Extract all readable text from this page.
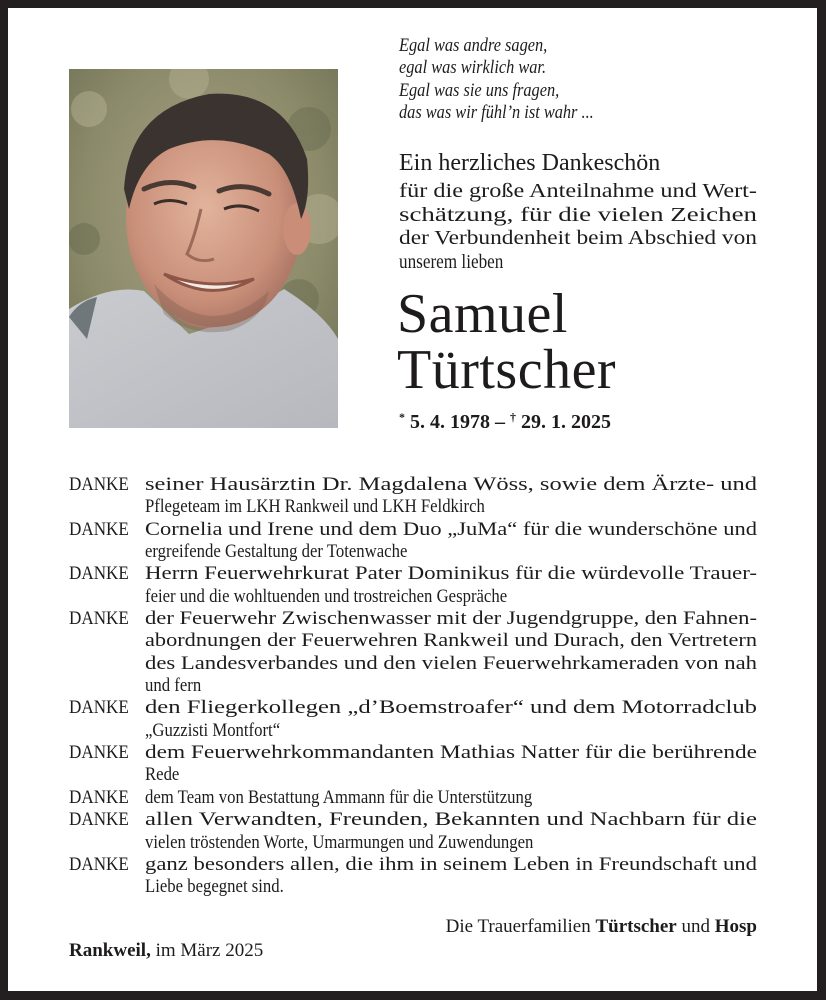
Egal was andre sagen,
egal was wirklich war.
Egal was sie uns fragen,
das was wir fühl’n ist wahr ...
Ein herzliches Dankeschön
für die große Anteilnahme und Wert-
schätzung, für die vielen Zeichen
der Verbundenheit beim Abschied von
unserem lieben
Samuel
Türtscher
* 5. 4. 1978 – † 29. 1. 2025
DANKE seiner Hausärztin Dr. Magdalena Wöss, sowie dem Ärzte- und
Pflegeteam im LKH Rankweil und LKH Feldkirch
DANKE Cornelia und Irene und dem Duo „JuMa“ für die wunderschöne und
ergreifende Gestaltung der Totenwache
DANKE Herrn Feuerwehrkurat Pater Dominikus für die würdevolle Trauer-
feier und die wohltuenden und trostreichen Gespräche
DANKE der Feuerwehr Zwischenwasser mit der Jugendgruppe, den Fahnen-
abordnungen der Feuerwehren Rankweil und Durach, den Vertretern
des Landesverbandes und den vielen Feuerwehrkameraden von nah
und fern
DANKE den Fliegerkollegen „d’Boemstroafer“ und dem Motorradclub
„Guzzisti Montfort“
DANKE dem Feuerwehrkommandanten Mathias Natter für die berührende
Rede
DANKE dem Team von Bestattung Ammann für die Unterstützung
DANKE allen Verwandten, Freunden, Bekannten und Nachbarn für die
vielen tröstenden Worte, Umarmungen und Zuwendungen
DANKE ganz besonders allen, die ihm in seinem Leben in Freundschaft und
Liebe begegnet sind.
Die Trauerfamilien Türtscher und Hosp
Rankweil, im März 2025
